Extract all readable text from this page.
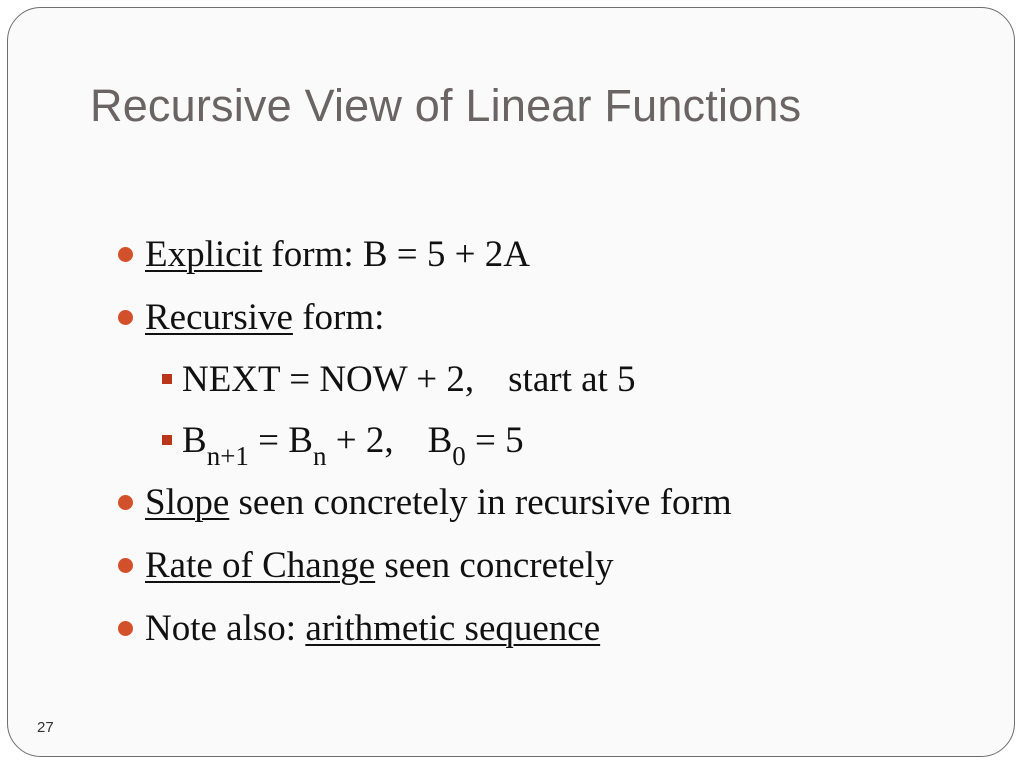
Recursive View of Linear Functions
Explicit form: B = 5 + 2A
Recursive form:
NEXT = NOW + 2, start at 5
$B_{n+1} = B_n + 2$, $B_0 = 5$
Slope seen concretely in recursive form
Rate of Change seen concretely
Note also: arithmetic sequence
27
